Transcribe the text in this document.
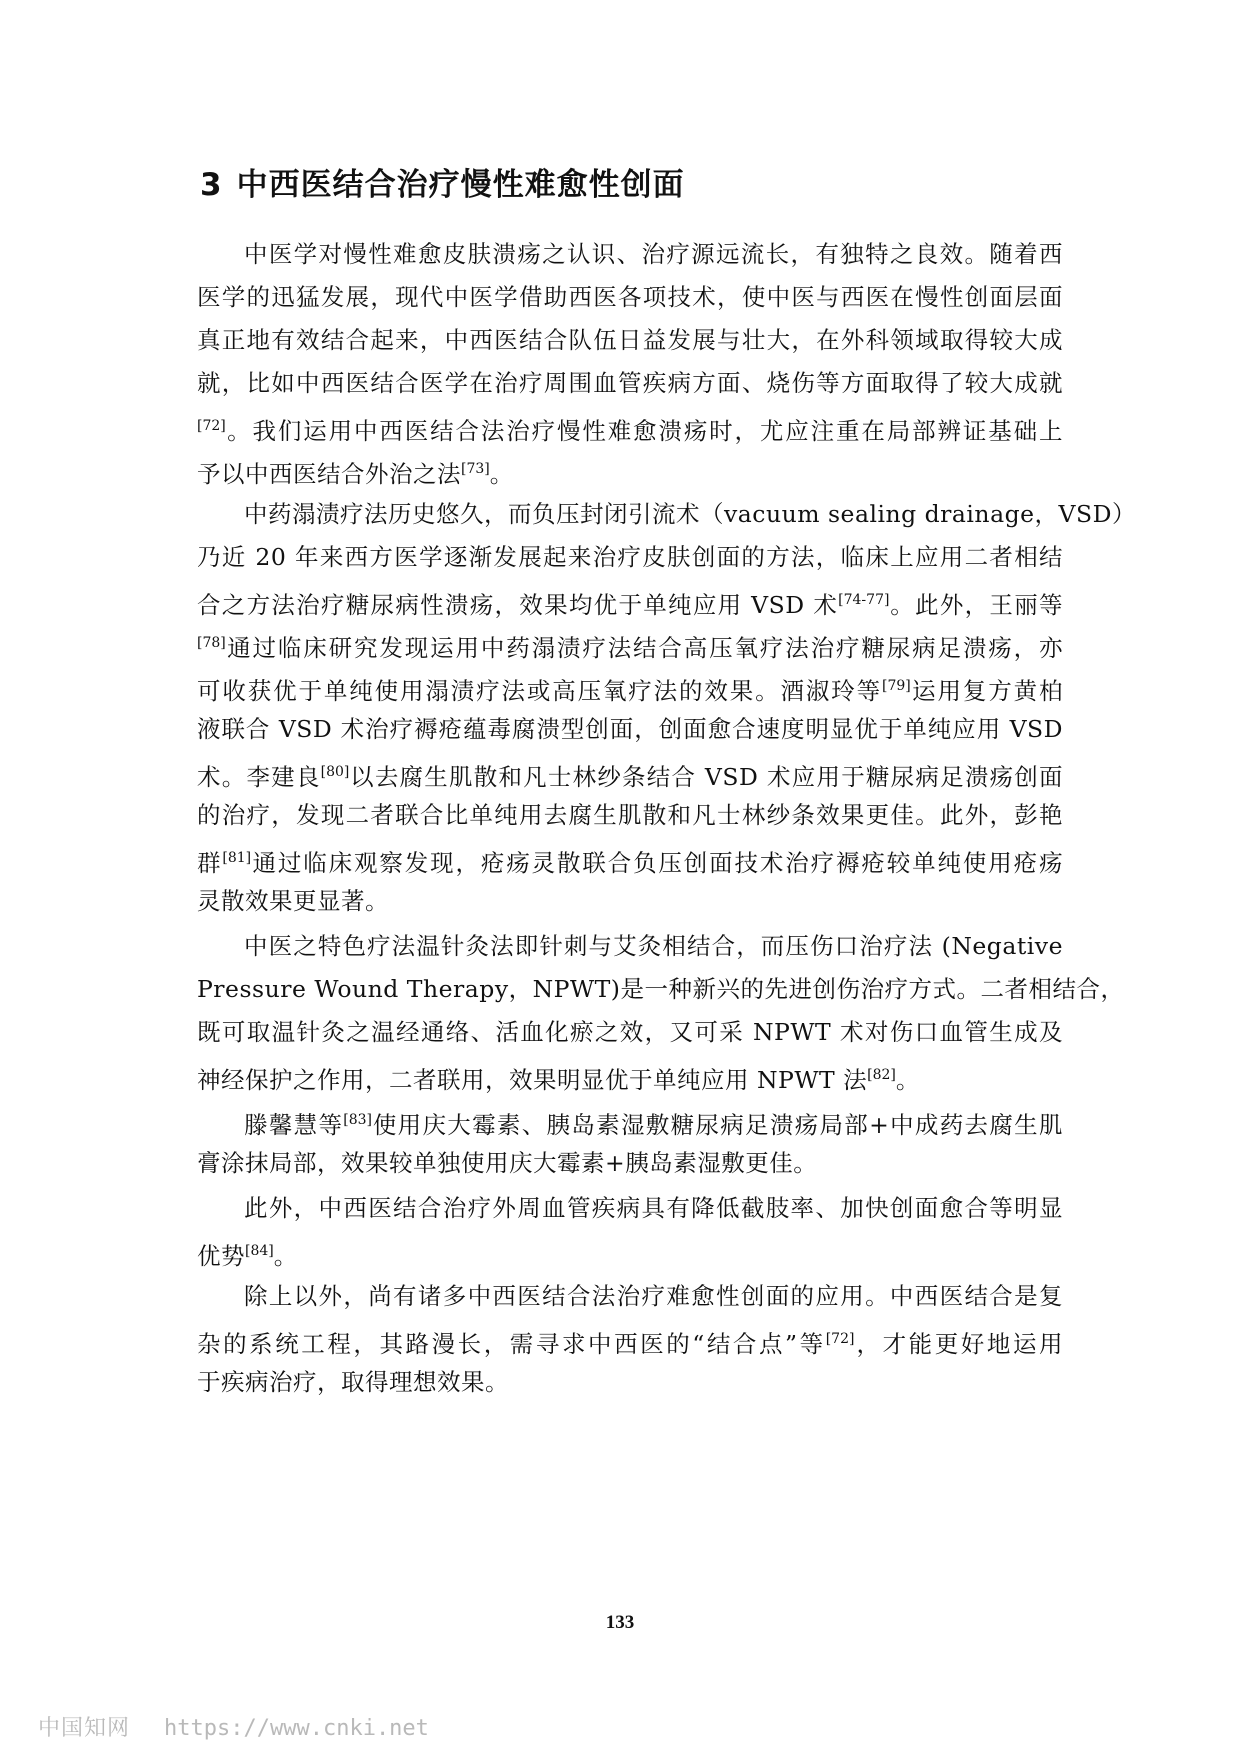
3 中西医结合治疗慢性难愈性创面
中医学对慢性难愈皮肤溃疡之认识、治疗源远流长，有独特之良效。随着西
医学的迅猛发展，现代中医学借助西医各项技术，使中医与西医在慢性创面层面
真正地有效结合起来，中西医结合队伍日益发展与壮大，在外科领域取得较大成
就，比如中西医结合医学在治疗周围血管疾病方面、烧伤等方面取得了较大成就
[72]。我们运用中西医结合法治疗慢性难愈溃疡时，尤应注重在局部辨证基础上
予以中西医结合外治之法[73]。
中药溻渍疗法历史悠久，而负压封闭引流术（vacuum sealing drainage，VSD）
乃近 20 年来西方医学逐渐发展起来治疗皮肤创面的方法，临床上应用二者相结
合之方法治疗糖尿病性溃疡，效果均优于单纯应用 VSD 术[74-77]。此外，王丽等
[78]通过临床研究发现运用中药溻渍疗法结合高压氧疗法治疗糖尿病足溃疡，亦
可收获优于单纯使用溻渍疗法或高压氧疗法的效果。酒淑玲等[79]运用复方黄柏
液联合 VSD 术治疗褥疮蕴毒腐溃型创面，创面愈合速度明显优于单纯应用 VSD
术。李建良[80]以去腐生肌散和凡士林纱条结合 VSD 术应用于糖尿病足溃疡创面
的治疗，发现二者联合比单纯用去腐生肌散和凡士林纱条效果更佳。此外，彭艳
群[81]通过临床观察发现，疮疡灵散联合负压创面技术治疗褥疮较单纯使用疮疡
灵散效果更显著。
中医之特色疗法温针灸法即针刺与艾灸相结合，而压伤口治疗法 (Negative
Pressure Wound Therapy，NPWT)是一种新兴的先进创伤治疗方式。二者相结合，
既可取温针灸之温经通络、活血化瘀之效，又可采 NPWT 术对伤口血管生成及
神经保护之作用，二者联用，效果明显优于单纯应用 NPWT 法[82]。
滕馨慧等[83]使用庆大霉素、胰岛素湿敷糖尿病足溃疡局部+中成药去腐生肌
膏涂抹局部，效果较单独使用庆大霉素+胰岛素湿敷更佳。
此外，中西医结合治疗外周血管疾病具有降低截肢率、加快创面愈合等明显
优势[84]。
除上以外，尚有诸多中西医结合法治疗难愈性创面的应用。中西医结合是复
杂的系统工程，其路漫长，需寻求中西医的“结合点”等[72]，才能更好地运用
于疾病治疗，取得理想效果。
133
中国知网 https://www.cnki.net
